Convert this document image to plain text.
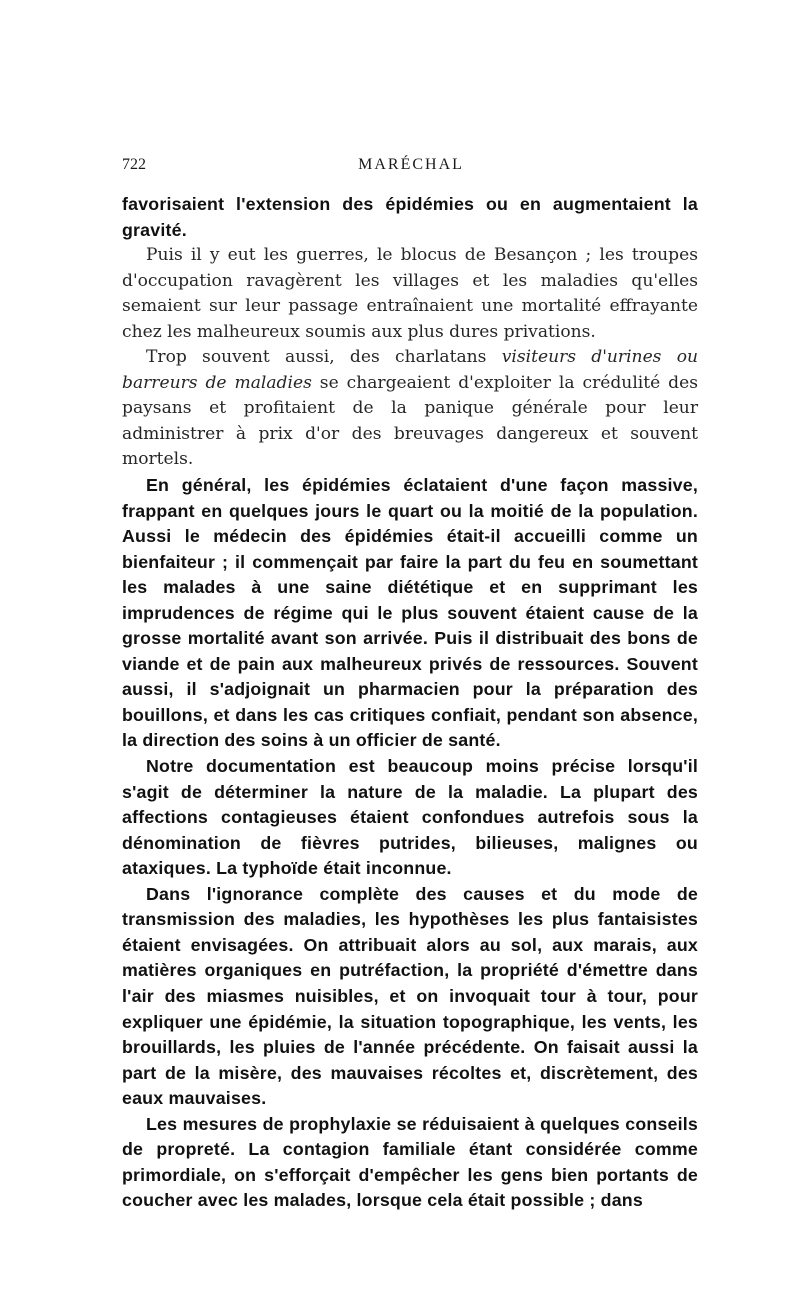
722	MARÉCHAL

favorisaient l'extension des épidémies ou en augmentaient la gravité.

Puis il y eut les guerres, le blocus de Besançon ; les troupes d'occupation ravagèrent les villages et les maladies qu'elles semaient sur leur passage entraînaient une mortalité effrayante chez les malheureux soumis aux plus dures privations.

Trop souvent aussi, des charlatans visiteurs d'urines ou barreurs de maladies se chargeaient d'exploiter la crédulité des paysans et profitaient de la panique générale pour leur administrer à prix d'or des breuvages dangereux et souvent mortels.

En général, les épidémies éclataient d'une façon massive, frappant en quelques jours le quart ou la moitié de la population. Aussi le médecin des épidémies était-il accueilli comme un bienfaiteur ; il commençait par faire la part du feu en soumettant les malades à une saine diététique et en supprimant les imprudences de régime qui le plus souvent étaient cause de la grosse mortalité avant son arrivée. Puis il distribuait des bons de viande et de pain aux malheureux privés de ressources. Souvent aussi, il s'adjoignait un pharmacien pour la préparation des bouillons, et dans les cas critiques confiait, pendant son absence, la direction des soins à un officier de santé.

Notre documentation est beaucoup moins précise lorsqu'il s'agit de déterminer la nature de la maladie. La plupart des affections contagieuses étaient confondues autrefois sous la dénomination de fièvres putrides, bilieuses, malignes ou ataxiques. La typhoïde était inconnue.

Dans l'ignorance complète des causes et du mode de transmission des maladies, les hypothèses les plus fantaisistes étaient envisagées. On attribuait alors au sol, aux marais, aux matières organiques en putréfaction, la propriété d'émettre dans l'air des miasmes nuisibles, et on invoquait tour à tour, pour expliquer une épidémie, la situation topographique, les vents, les brouillards, les pluies de l'année précédente. On faisait aussi la part de la misère, des mauvaises récoltes et, discrètement, des eaux mauvaises.

Les mesures de prophylaxie se réduisaient à quelques conseils de propreté. La contagion familiale étant considérée comme primordiale, on s'efforçait d'empêcher les gens bien portants de coucher avec les malades, lorsque cela était possible ; dans
